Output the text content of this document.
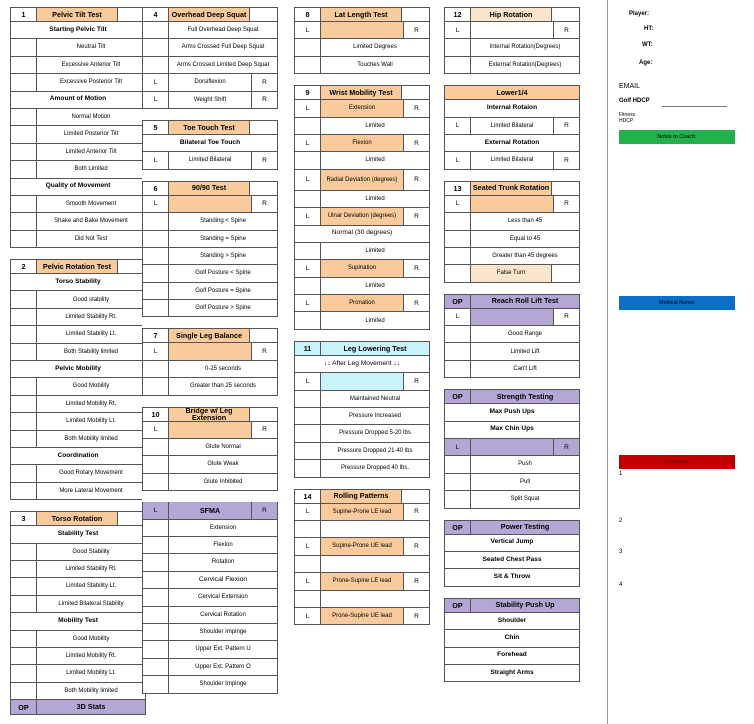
1	Pelvic Tilt Test
Starting Pelvic Tilt
Neutral Tilt
Excessive Anterior Tilt
Excessive Posterior Tilt
Amount of Motion
Normal Motion
Limited Posterior Tilt
Limited Anterior Tilt
Both Limited
Quality of Movement
Smooth Movement
Shake and Bake Movement
Did Not Test
2	Pelvic Rotation Test
Torso Stability
Good stability
Limited Stability Rt.
Limited Stability Lt.
Both Stability limited
Pelvic Mobility
Good Mobility
Limited Mobility Rt.
Limited Mobility Lt.
Both Mobility limited
Coordination
Good Rotary Movement
More Lateral Movement
3	Torso Rotation
Stability Test
Good Stability
Limited Stability Rt.
Limited Stability Lt.
Limited Bilateral Stability
Mobility Test
Good Mobility
Limited Mobility Rt.
Limited Mobility Lt.
Both Mobility limited
OP	3D Stats
4	Overhead Deep Squat
Full Overhead Deep Squat
Arms Crossed Full Deep Squat
Arms Crossed Limited Deep Squat
L	Dorsiflexion	R
L	Weight Shift	R
5	Toe Touch Test
Bilateral Toe Touch
L	Limited Bilateral	R
6	90/90 Test
L	R
Standing < Spine
Standing = Spine
Standing > Spine
Golf Posture < Spine
Golf Posture = Spine
Golf Posture > Spine
7	Single Leg Balance
L	R
0-25 seconds
Greater than 25 seconds
10	Bridge w/ Leg Extension
L	R
Glute Normal
Glute Weak
Glute Inhibited
L	SFMA	R
Extension
Flexion
Rotation
Cervical Flexion
Cervical Extension
Cervical Rotation
Shoulder Impinge
Upper Ext. Pattern U
Upper Ext. Pattern O
Shoulder Impinge
8	Lat Length Test
L	R
Limited Degrees
Touches Wall
9	Wrist Mobility Test
L	Extension	R
Limited
L	Flexion	R
Limited
L	Radial Deviation (degrees)	R
Limited
L	Ulnar Deviation (degrees)	R
Normal (30 degrees)
Limited
L	Supination	R
Limited
L	Pronation	R
Limited
11	Leg Lowering Test
↓↓ After Leg Movement ↓↓
L	R
Maintained Neutral
Pressure Increased
Pressure Dropped 5-20 lbs
Pressure Dropped 21-40 lbs
Pressure Dropped 40 lbs.
14	Rolling Patterns
L	Supine-Prone LE lead	R
L	Supine-Prone UE lead	R
L	Prone-Supine LE lead	R
L	Prone-Supine UE lead	R
12	Hip Rotation
L	R
Internal Rotation(Degrees)
External Rotation(Degrees)
Lower1/4
Internal Rotaion
L	Limited Bilateral	R
External Rotation
L	Limited Bilateral	R
13	Seated Trunk Rotation
L	R
Less than 45
Equal to 45
Greater than 45 degrees
False Turn
OP	Reach Roll Lift Test
L	R
Good Range
Limited Lift
Can't Lift
OP	Strength Testing
Max Push Ups
Max Chin Ups
L	R
Push
Pull
Split Squat
OP	Power Testing
Vertical Jump
Seated Chest Pass
Sit & Throw
OP	Stability Push Up
Shoulder
Chin
Forehead
Straight Arms
Player:
HT:
WT:
Age:
EMAIL
Golf HDCP
Fitness HDCP
Notes to Coach:
Medical Notes:
Exercises:
1
2
3
4
